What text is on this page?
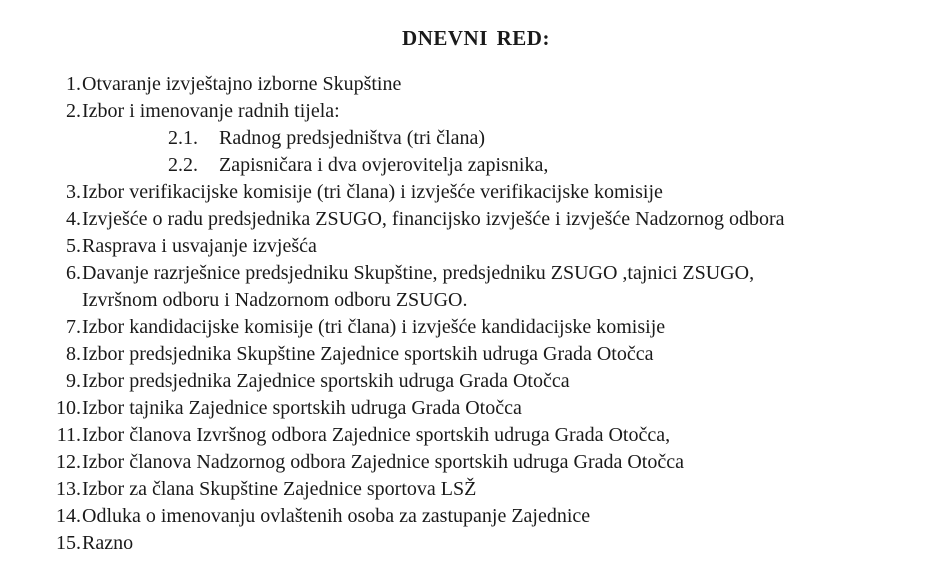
DNEVNI RED:
1. Otvaranje izvještajno izborne Skupštine
2. Izbor i imenovanje radnih tijela:
2.1. Radnog predsjedništva (tri člana)
2.2. Zapisničara i dva ovjerovitelja zapisnika,
3. Izbor verifikacijske komisije (tri člana) i izvješće verifikacijske komisije
4. Izvješće o radu predsjednika ZSUGO, financijsko izvješće i izvješće Nadzornog odbora
5. Rasprava i usvajanje izvješća
6. Davanje razrješnice predsjedniku Skupštine, predsjedniku ZSUGO ,tajnici ZSUGO,
Izvršnom odboru i Nadzornom odboru ZSUGO.
7. Izbor kandidacijske komisije (tri člana) i izvješće kandidacijske komisije
8. Izbor predsjednika Skupštine Zajednice sportskih udruga Grada Otočca
9. Izbor predsjednika Zajednice sportskih udruga Grada Otočca
10. Izbor tajnika Zajednice sportskih udruga Grada Otočca
11. Izbor članova Izvršnog odbora Zajednice sportskih udruga Grada Otočca,
12. Izbor članova Nadzornog odbora Zajednice sportskih udruga Grada Otočca
13. Izbor za člana Skupštine Zajednice sportova LSŽ
14. Odluka o imenovanju ovlaštenih osoba za zastupanje Zajednice
15. Razno
